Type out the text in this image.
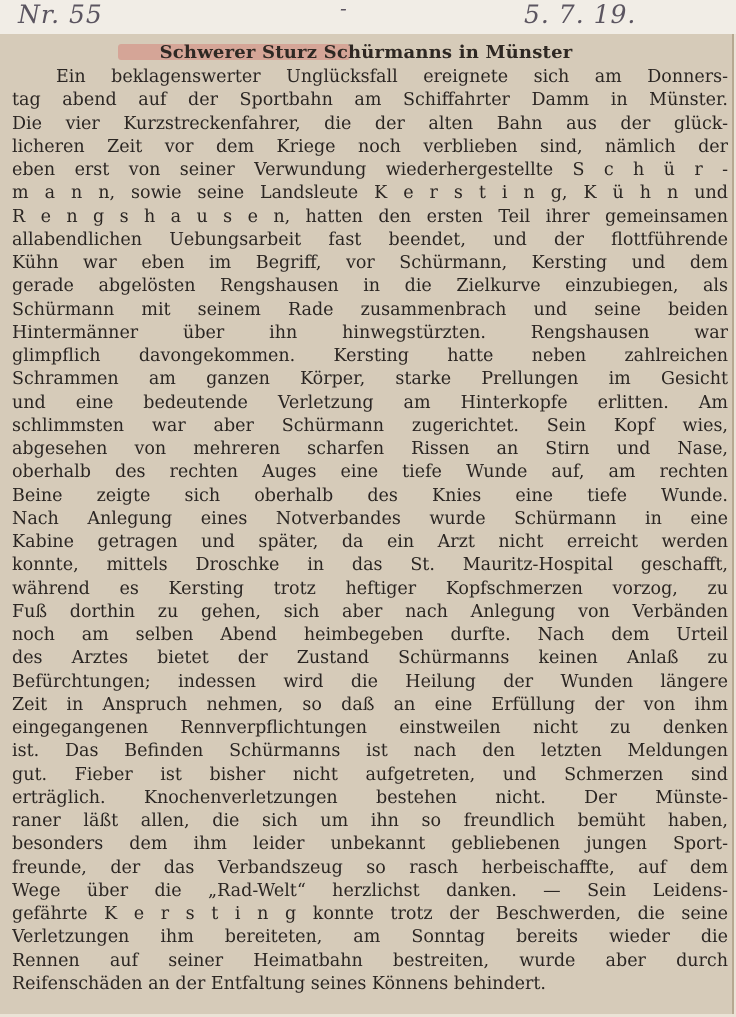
Nr. 55	-	5. 7. 19.
Schwerer Sturz Schürmanns in Münster
Ein beklagenswerter Unglücksfall ereignete sich am Donners-
tag abend auf der Sportbahn am Schiffahrter Damm in Münster.
Die vier Kurzstreckenfahrer, die der alten Bahn aus der glück-
licheren Zeit vor dem Kriege noch verblieben sind, nämlich der
eben erst von seiner Verwundung wiederhergestellte S c h ü r -
m a n n, sowie seine Landsleute K e r s t i n g, K ü h n und
R e n g s h a u s e n, hatten den ersten Teil ihrer gemeinsamen
allabendlichen Uebungsarbeit fast beendet, und der flottführende
Kühn war eben im Begriff, vor Schürmann, Kersting und dem
gerade abgelösten Rengshausen in die Zielkurve einzubiegen, als
Schürmann mit seinem Rade zusammenbrach und seine beiden
Hintermänner über ihn hinwegstürzten. Rengshausen war
glimpflich davongekommen. Kersting hatte neben zahlreichen
Schrammen am ganzen Körper, starke Prellungen im Gesicht
und eine bedeutende Verletzung am Hinterkopfe erlitten. Am
schlimmsten war aber Schürmann zugerichtet. Sein Kopf wies,
abgesehen von mehreren scharfen Rissen an Stirn und Nase,
oberhalb des rechten Auges eine tiefe Wunde auf, am rechten
Beine zeigte sich oberhalb des Knies eine tiefe Wunde.
Nach Anlegung eines Notverbandes wurde Schürmann in eine
Kabine getragen und später, da ein Arzt nicht erreicht werden
konnte, mittels Droschke in das St. Mauritz-Hospital geschafft,
während es Kersting trotz heftiger Kopfschmerzen vorzog, zu
Fuß dorthin zu gehen, sich aber nach Anlegung von Verbänden
noch am selben Abend heimbegeben durfte. Nach dem Urteil
des Arztes bietet der Zustand Schürmanns keinen Anlaß zu
Befürchtungen; indessen wird die Heilung der Wunden längere
Zeit in Anspruch nehmen, so daß an eine Erfüllung der von ihm
eingegangenen Rennverpflichtungen einstweilen nicht zu denken
ist. Das Befinden Schürmanns ist nach den letzten Meldungen
gut. Fieber ist bisher nicht aufgetreten, und Schmerzen sind
erträglich. Knochenverletzungen bestehen nicht. Der Münste-
raner läßt allen, die sich um ihn so freundlich bemüht haben,
besonders dem ihm leider unbekannt gebliebenen jungen Sport-
freunde, der das Verbandszeug so rasch herbeischaffte, auf dem
Wege über die „Rad-Welt“ herzlichst danken. — Sein Leidens-
gefährte K e r s t i n g konnte trotz der Beschwerden, die seine
Verletzungen ihm bereiteten, am Sonntag bereits wieder die
Rennen auf seiner Heimatbahn bestreiten, wurde aber durch
Reifenschäden an der Entfaltung seines Könnens behindert.
